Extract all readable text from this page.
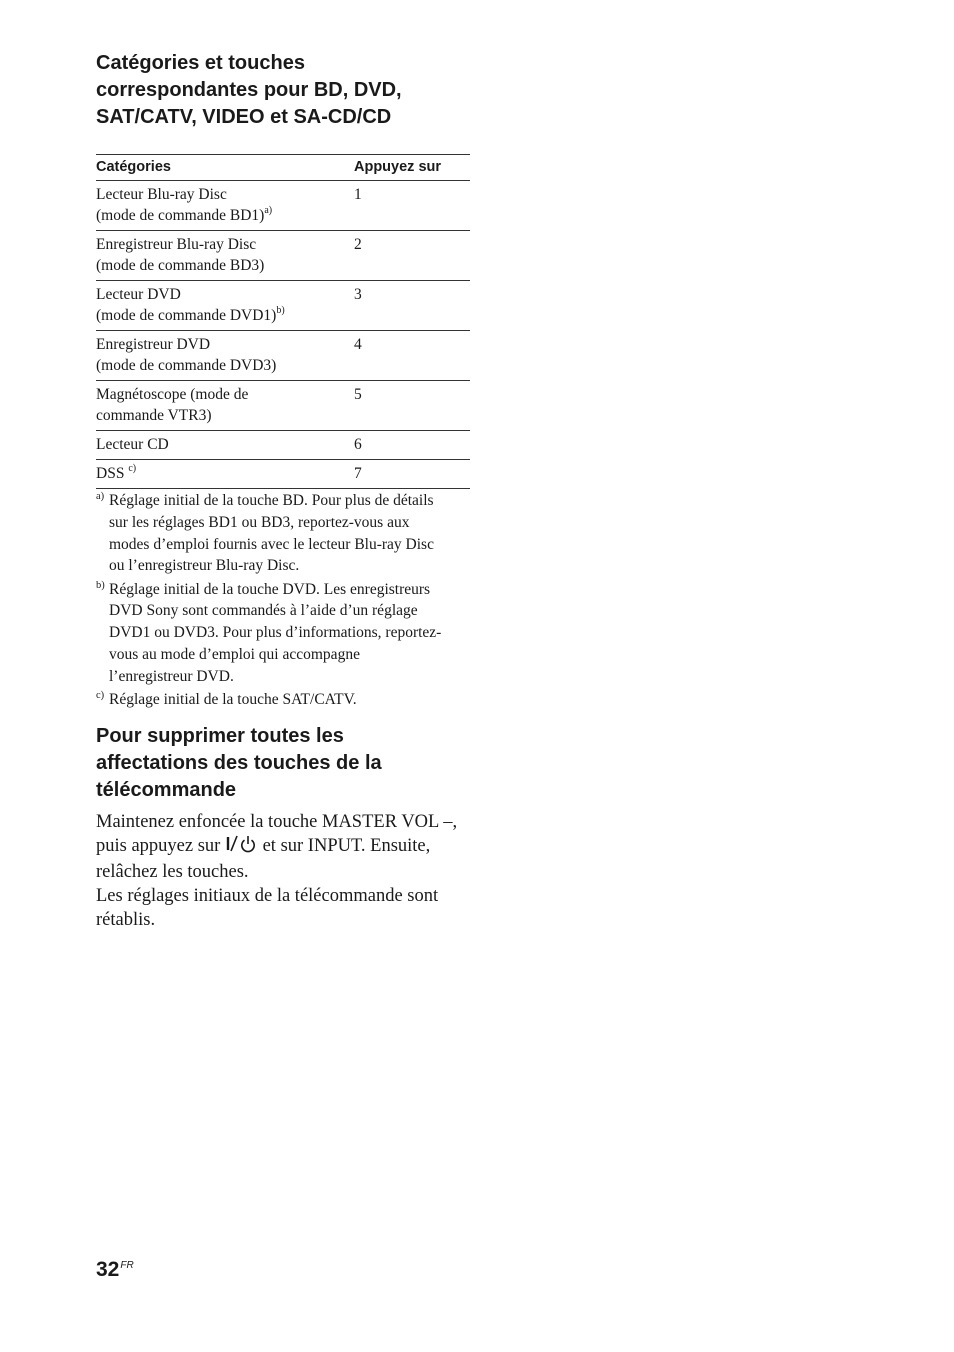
Catégories et touches
correspondantes pour BD, DVD,
SAT/CATV, VIDEO et SA-CD/CD
Catégories	Appuyez sur
Lecteur Blu-ray Disc
(mode de commande BD1)$^{a)}$	1
Enregistreur Blu-ray Disc
(mode de commande BD3)	2
Lecteur DVD
(mode de commande DVD1)$^{b)}$	3
Enregistreur DVD
(mode de commande DVD3)	4
Magnétoscope (mode de
commande VTR3)	5
Lecteur CD	6
DSS $^{c)}$	7
a) Réglage initial de la touche BD. Pour plus de détails
sur les réglages BD1 ou BD3, reportez-vous aux
modes d’emploi fournis avec le lecteur Blu-ray Disc
ou l’enregistreur Blu-ray Disc.
b) Réglage initial de la touche DVD. Les enregistreurs
DVD Sony sont commandés à l’aide d’un réglage
DVD1 ou DVD3. Pour plus d’informations, reportez-
vous au mode d’emploi qui accompagne
l’enregistreur DVD.
c) Réglage initial de la touche SAT/CATV.
Pour supprimer toutes les
affectations des touches de la
télécommande

Maintenez enfoncée la touche MASTER VOL –,
puis appuyez sur et sur INPUT. Ensuite,
relâchez les touches.

Les réglages initiaux de la télécommande sont
rétablis.

$32^{FR}$
